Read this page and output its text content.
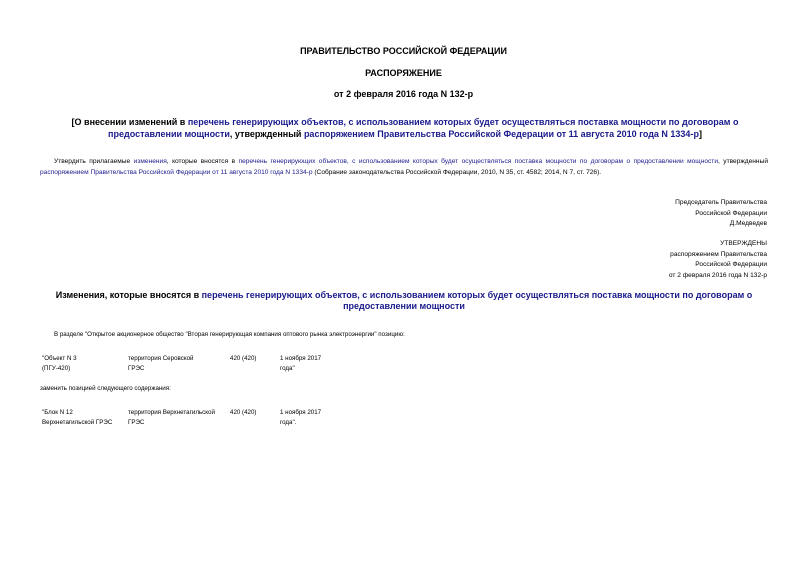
ПРАВИТЕЛЬСТВО РОССИЙСКОЙ ФЕДЕРАЦИИ
РАСПОРЯЖЕНИЕ
от 2 февраля 2016 года N 132-р
[О внесении изменений в перечень генерирующих объектов, с использованием которых будет осуществляться поставка мощности по договорам о предоставлении мощности, утвержденный распоряжением Правительства Российской Федерации от 11 августа 2010 года N 1334-р]
Утвердить прилагаемые изменения, которые вносятся в перечень генерирующих объектов, с использованием которых будет осуществляться поставка мощности по договорам о предоставлении мощности, утвержденный распоряжением Правительства Российской Федерации от 11 августа 2010 года N 1334-р (Собрание законодательства Российской Федерации, 2010, N 35, ст. 4582; 2014, N 7, ст. 726).
Председатель Правительства
Российской Федерации
Д.Медведев
УТВЕРЖДЕНЫ
распоряжением Правительства
Российской Федерации
от 2 февраля 2016 года N 132-р
Изменения, которые вносятся в перечень генерирующих объектов, с использованием которых будет осуществляться поставка мощности по договорам о предоставлении мощности
В разделе "Открытое акционерное общество "Вторая генерирующая компания оптового рынка электроэнергии" позицию:
"Объект N 3
(ПГУ-420)
территория Серовской
ГРЭС
420 (420)	1 ноября 2017
года"
заменить позицией следующего содержания:
"Блок N 12
Верхнетагильской ГРЭС
территория Верхнетагильской
ГРЭС
420 (420)	1 ноября 2017
года".
